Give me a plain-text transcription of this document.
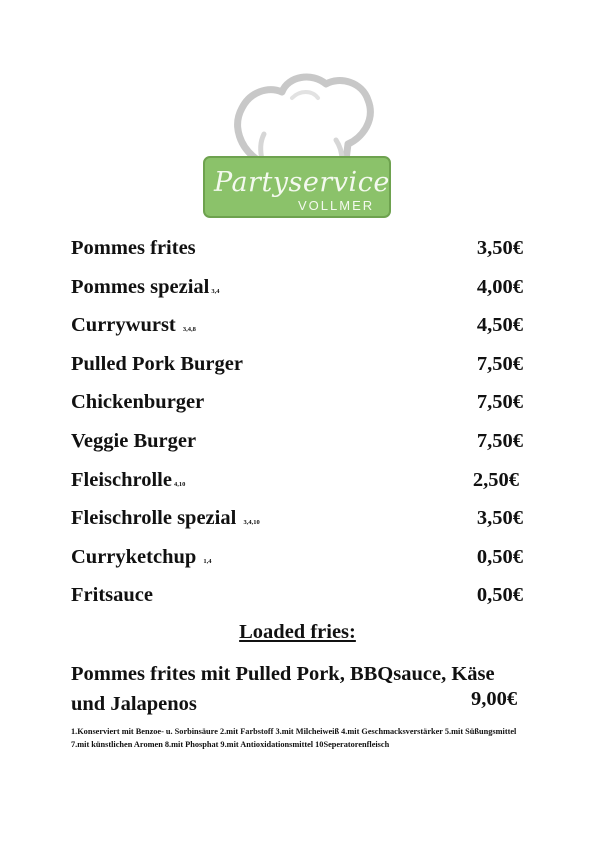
Partyservice
VOLLMER
Pommes frites	3,50€
Pommes spezial 3,4	4,00€
Currywurst 3,4,8	4,50€
Pulled Pork Burger	7,50€
Chickenburger	7,50€
Veggie Burger	7,50€
Fleischrolle 4,10	2,50€
Fleischrolle spezial 3,4,10	3,50€
Curryketchup 1,4	0,50€
Fritsauce	0,50€
Loaded fries:
Pommes frites mit Pulled Pork, BBQsauce, Käse und Jalapenos	9,00€
1.Konserviert mit Benzoe- u. Sorbinsäure 2.mit Farbstoff 3.mit Milcheiweiß 4.mit Geschmacksverstärker 5.mit Süßungsmittel 7.mit künstlichen Aromen 8.mit Phosphat 9.mit Antioxidationsmittel 10Seperatorenfleisch
